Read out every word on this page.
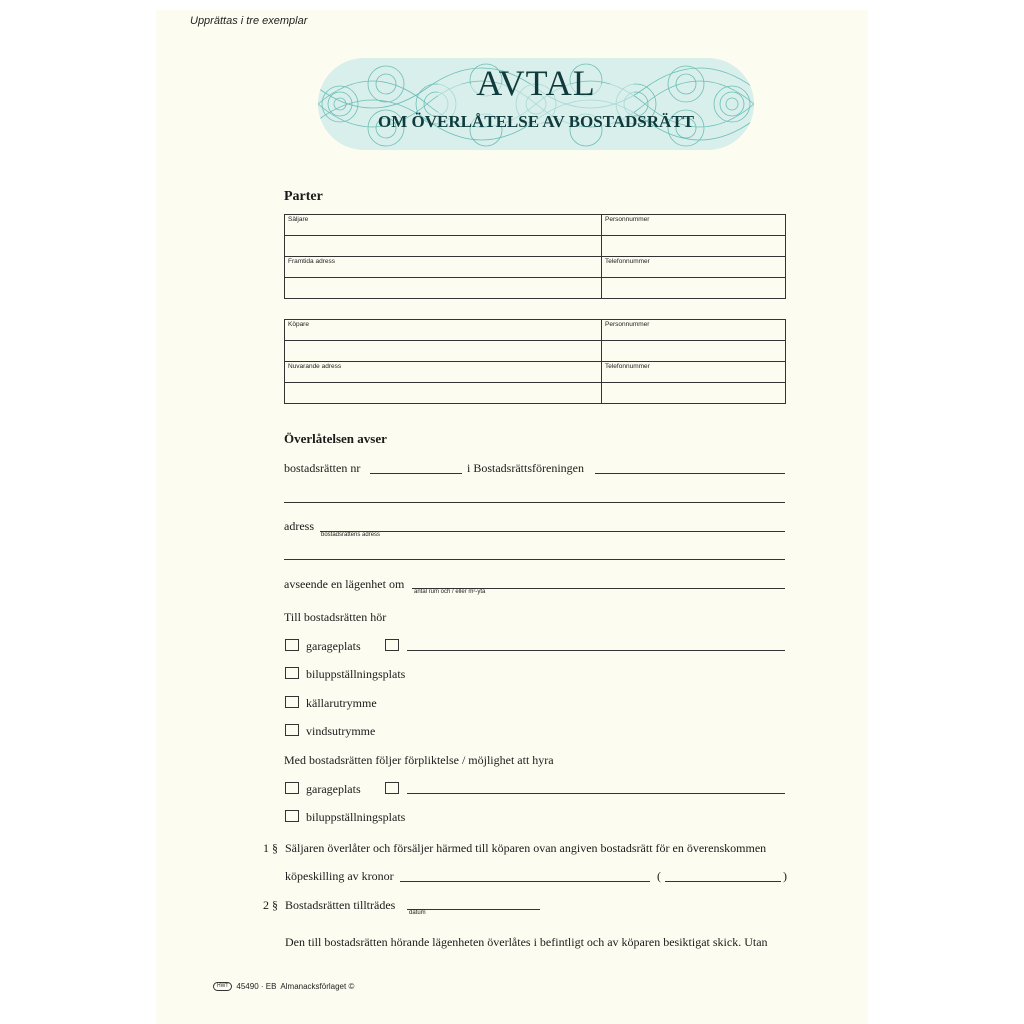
Upprättas i tre exemplar
AVTAL
OM ÖVERLÅTELSE AV BOSTADSRÄTT
Parter
Säljare	Personnummer
Framtida adress	Telefonnummer
Köpare	Personnummer
Nuvarande adress	Telefonnummer
Överlåtelsen avser
bostadsrätten nr	i Bostadsrättsföreningen
adress
bostadsrättens adress
avseende en lägenhet om
antal rum och / eller m²-yta
Till bostadsrätten hör
garageplats
biluppställningsplats
källarutrymme
vindsutrymme
Med bostadsrätten följer förpliktelse / möjlighet att hyra
garageplats
biluppställningsplats
1 § Säljaren överlåter och försäljer härmed till köparen ovan angiven bostadsrätt för en överenskommen
köpeskilling av kronor	(	)
2 § Bostadsrätten tillträdes
datum
Den till bostadsrätten hörande lägenheten överlåtes i befintligt och av köparen besiktigat skick. Utan
HWT	45490 · EB Almanacksförlaget ©
